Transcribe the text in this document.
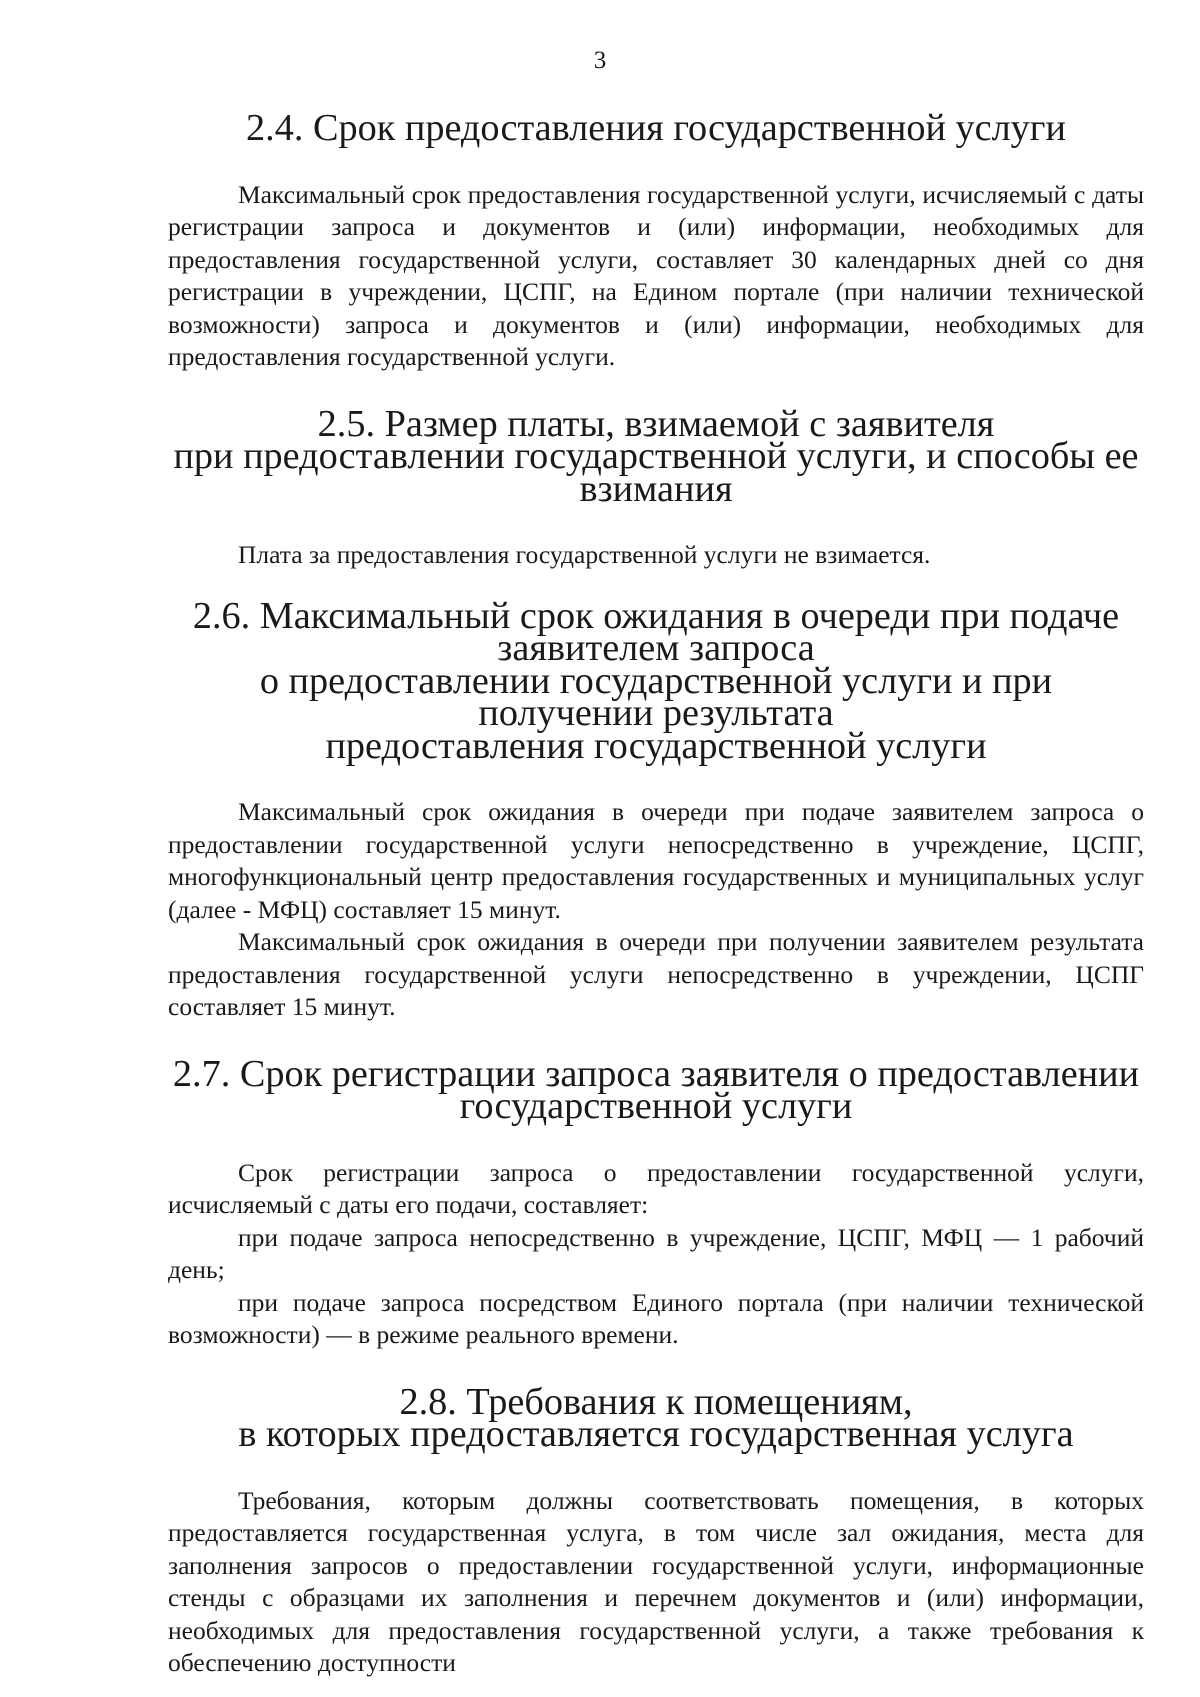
3
2.4. Срок предоставления государственной услуги

Максимальный срок предоставления государственной услуги, исчисляемый с даты регистрации запроса и документов и (или) информации, необходимых для предоставления государственной услуги, составляет 30 календарных дней со дня регистрации в учреждении, ЦСПГ, на Едином портале (при наличии технической возможности) запроса и документов и (или) информации, необходимых для предоставления государственной услуги.

2.5. Размер платы, взимаемой с заявителя
при предоставлении государственной услуги, и способы ее взимания

Плата за предоставления государственной услуги не взимается.

2.6. Максимальный срок ожидания в очереди при подаче заявителем запроса
о предоставлении государственной услуги и при получении результата
предоставления государственной услуги

Максимальный срок ожидания в очереди при подаче заявителем запроса о предоставлении государственной услуги непосредственно в учреждение, ЦСПГ, многофункциональный центр предоставления государственных и муниципальных услуг (далее - МФЦ) составляет 15 минут.

Максимальный срок ожидания в очереди при получении заявителем результата предоставления государственной услуги непосредственно в учреждении, ЦСПГ составляет 15 минут.

2.7. Срок регистрации запроса заявителя о предоставлении
государственной услуги

Срок регистрации запроса о предоставлении государственной услуги, исчисляемый с даты его подачи, составляет:

при подаче запроса непосредственно в учреждение, ЦСПГ, МФЦ — 1 рабочий день;

при подаче запроса посредством Единого портала (при наличии технической возможности) — в режиме реального времени.

2.8. Требования к помещениям,
в которых предоставляется государственная услуга

Требования, которым должны соответствовать помещения, в которых предоставляется государственная услуга, в том числе зал ожидания, места для заполнения запросов о предоставлении государственной услуги, информационные стенды с образцами их заполнения и перечнем документов и (или) информации, необходимых для предоставления государственной услуги, а также требования к обеспечению доступности
